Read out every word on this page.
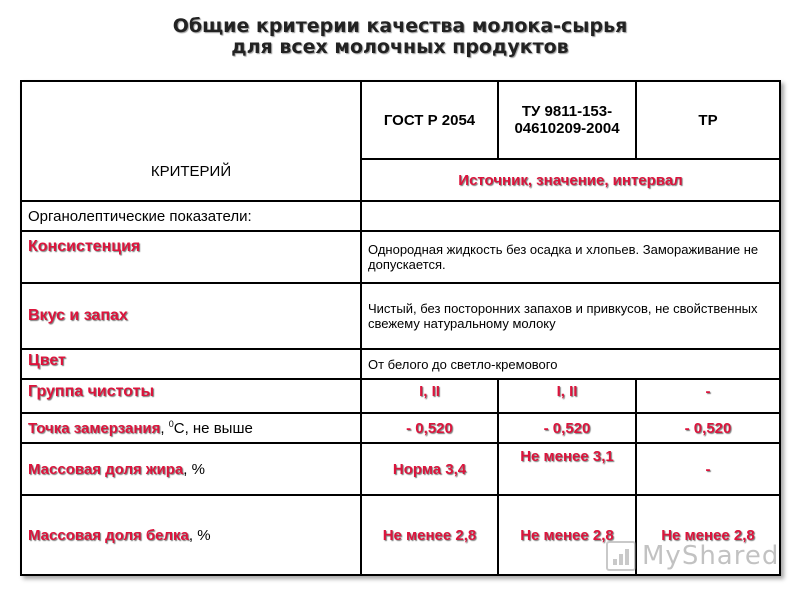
Общие критерии качества молока-сырья
для всех молочных продуктов
КРИТЕРИЙ	ГОСТ Р 2054	ТУ 9811-153-04610209-2004	ТР
	Источник, значение, интервал		
Органолептические показатели:			
Консистенция	Однородная жидкость без осадка и хлопьев. Замораживание не допускается.		
Вкус и запах	Чистый, без посторонних запахов и привкусов, не свойственных свежему натуральному молоку		
Цвет	От белого до светло-кремового		
Группа чистоты	I, II	I, II	-
Точка замерзания, $^0$С, не выше	- 0,520	- 0,520	- 0,520
Массовая доля жира, %	Норма 3,4	Не менее 3,1	-
Массовая доля белка, %	Не менее 2,8	Не менее 2,8	Не менее 2,8
MyShared
